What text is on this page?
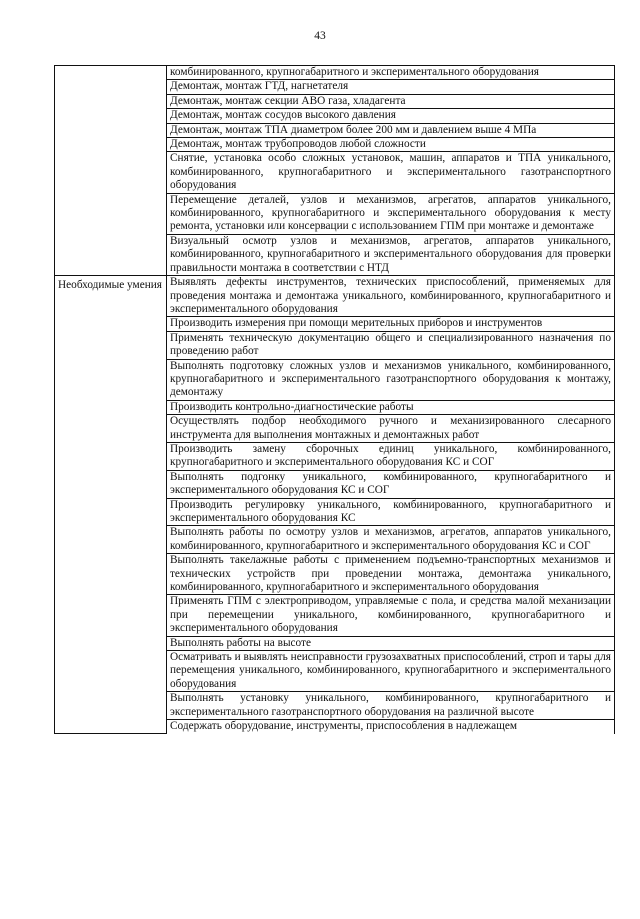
43
	комбинированного, крупногабаритного и экспериментального оборудования
	Демонтаж, монтаж ГТД, нагнетателя
	Демонтаж, монтаж секции АВО газа, хладагента
	Демонтаж, монтаж сосудов высокого давления
	Демонтаж, монтаж ТПА диаметром более 200 мм и давлением выше 4 МПа
	Демонтаж, монтаж трубопроводов любой сложности
	Снятие, установка особо сложных установок, машин, аппаратов и ТПА уникального, комбинированного, крупногабаритного и экспериментального газотранспортного оборудования
	Перемещение деталей, узлов и механизмов, агрегатов, аппаратов уникального, комбинированного, крупногабаритного и экспериментального оборудования к месту ремонта, установки или консервации с использованием ГПМ при монтаже и демонтаже
	Визуальный осмотр узлов и механизмов, агрегатов, аппаратов уникального, комбинированного, крупногабаритного и экспериментального оборудования для проверки правильности монтажа в соответствии с НТД
Необходимые умения	Выявлять дефекты инструментов, технических приспособлений, применяемых для проведения монтажа и демонтажа уникального, комбинированного, крупногабаритного и экспериментального оборудования
	Производить измерения при помощи мерительных приборов и инструментов
	Применять техническую документацию общего и специализированного назначения по проведению работ
	Выполнять подготовку сложных узлов и механизмов уникального, комбинированного, крупногабаритного и экспериментального газотранспортного оборудования к монтажу, демонтажу
	Производить контрольно-диагностические работы
	Осуществлять подбор необходимого ручного и механизированного слесарного инструмента для выполнения монтажных и демонтажных работ
	Производить замену сборочных единиц уникального, комбинированного, крупногабаритного и экспериментального оборудования КС и СОГ
	Выполнять подгонку уникального, комбинированного, крупногабаритного и экспериментального оборудования КС и СОГ
	Производить регулировку уникального, комбинированного, крупногабаритного и экспериментального оборудования КС
	Выполнять работы по осмотру узлов и механизмов, агрегатов, аппаратов уникального, комбинированного, крупногабаритного и экспериментального оборудования КС и СОГ
	Выполнять такелажные работы с применением подъемно-транспортных механизмов и технических устройств при проведении монтажа, демонтажа уникального, комбинированного, крупногабаритного и экспериментального оборудования
	Применять ГПМ с электроприводом, управляемые с пола, и средства малой механизации при перемещении уникального, комбинированного, крупногабаритного и экспериментального оборудования
	Выполнять работы на высоте
	Осматривать и выявлять неисправности грузозахватных приспособлений, строп и тары для перемещения уникального, комбинированного, крупногабаритного и экспериментального оборудования
	Выполнять установку уникального, комбинированного, крупногабаритного и экспериментального газотранспортного оборудования на различной высоте
	Содержать оборудование, инструменты, приспособления в надлежащем
